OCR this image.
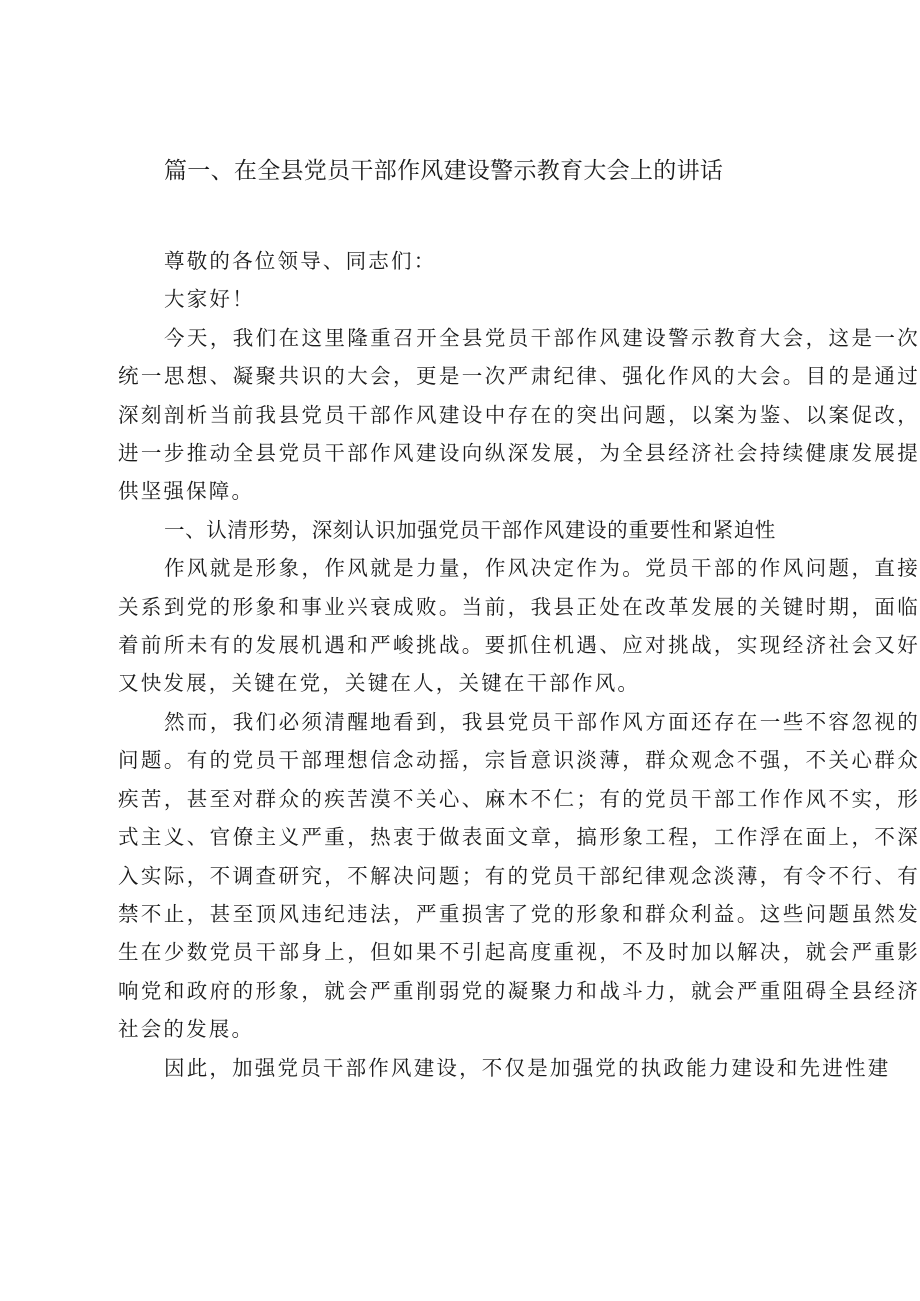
篇一、在全县党员干部作风建设警示教育大会上的讲话

尊敬的各位领导、同志们：

大家好！

今天，我们在这里隆重召开全县党员干部作风建设警示教育大会，这是一次统一思想、凝聚共识的大会，更是一次严肃纪律、强化作风的大会。目的是通过深刻剖析当前我县党员干部作风建设中存在的突出问题，以案为鉴、以案促改，进一步推动全县党员干部作风建设向纵深发展，为全县经济社会持续健康发展提供坚强保障。

一、认清形势，深刻认识加强党员干部作风建设的重要性和紧迫性

作风就是形象，作风就是力量，作风决定作为。党员干部的作风问题，直接关系到党的形象和事业兴衰成败。当前，我县正处在改革发展的关键时期，面临着前所未有的发展机遇和严峻挑战。要抓住机遇、应对挑战，实现经济社会又好又快发展，关键在党，关键在人，关键在干部作风。

然而，我们必须清醒地看到，我县党员干部作风方面还存在一些不容忽视的问题。有的党员干部理想信念动摇，宗旨意识淡薄，群众观念不强，不关心群众疾苦，甚至对群众的疾苦漠不关心、麻木不仁；有的党员干部工作作风不实，形式主义、官僚主义严重，热衷于做表面文章，搞形象工程，工作浮在面上，不深入实际，不调查研究，不解决问题；有的党员干部纪律观念淡薄，有令不行、有禁不止，甚至顶风违纪违法，严重损害了党的形象和群众利益。这些问题虽然发生在少数党员干部身上，但如果不引起高度重视，不及时加以解决，就会严重影响党和政府的形象，就会严重削弱党的凝聚力和战斗力，就会严重阻碍全县经济社会的发展。

因此，加强党员干部作风建设，不仅是加强党的执政能力建设和先进性建
